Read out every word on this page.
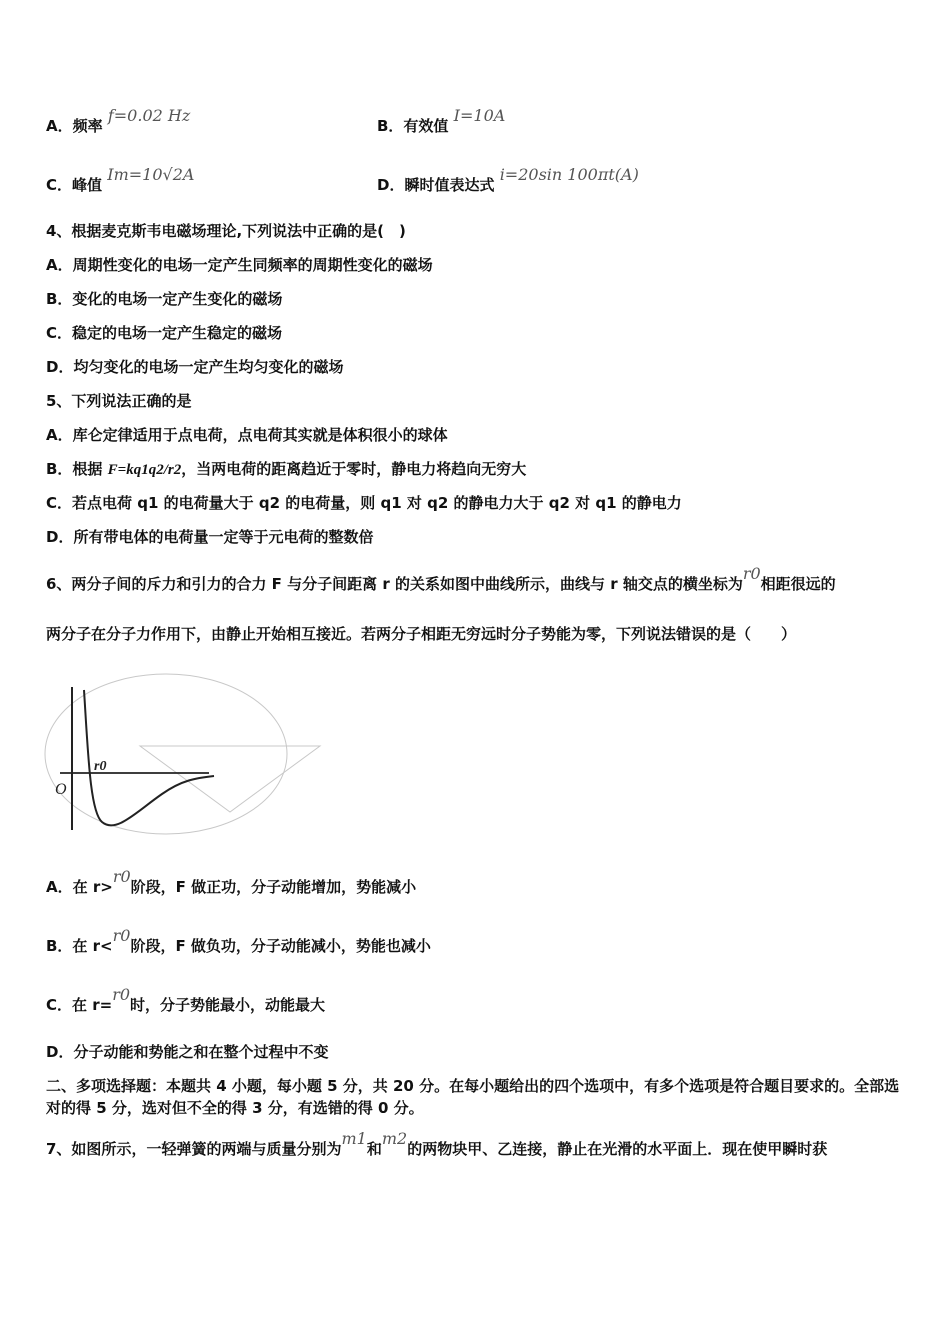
A．频率 f=0.02 Hz
B．有效值 I=10A
C．峰值 Im=10√2A
D．瞬时值表达式 i=20sin 100πt(A)
4、根据麦克斯韦电磁场理论,下列说法中正确的是(　)
A．周期性变化的电场一定产生同频率的周期性变化的磁场
B．变化的电场一定产生变化的磁场
C．稳定的电场一定产生稳定的磁场
D．均匀变化的电场一定产生均匀变化的磁场
5、下列说法正确的是
A．库仑定律适用于点电荷，点电荷其实就是体积很小的球体
B．根据 F=kq1q2/r2，当两电荷的距离趋近于零时，静电力将趋向无穷大
C．若点电荷 q1 的电荷量大于 q2 的电荷量，则 q1 对 q2 的静电力大于 q2 对 q1 的静电力
D．所有带电体的电荷量一定等于元电荷的整数倍
6、两分子间的斥力和引力的合力 F 与分子间距离 r 的关系如图中曲线所示，曲线与 r 轴交点的横坐标为r0相距很远的
两分子在分子力作用下，由静止开始相互接近。若两分子相距无穷远时分子势能为零，下列说法错误的是（　　）
r0
O
A．在 r>r0阶段，F 做正功，分子动能增加，势能减小
B．在 r<r0阶段，F 做负功，分子动能减小，势能也减小
C．在 r=r0时，分子势能最小，动能最大
D．分子动能和势能之和在整个过程中不变
二、多项选择题：本题共 4 小题，每小题 5 分，共 20 分。在每小题给出的四个选项中，有多个选项是符合题目要求的。全部选对的得 5 分，选对但不全的得 3 分，有选错的得 0 分。
7、如图所示，一轻弹簧的两端与质量分别为m1和m2的两物块甲、乙连接，静止在光滑的水平面上．现在使甲瞬时获
